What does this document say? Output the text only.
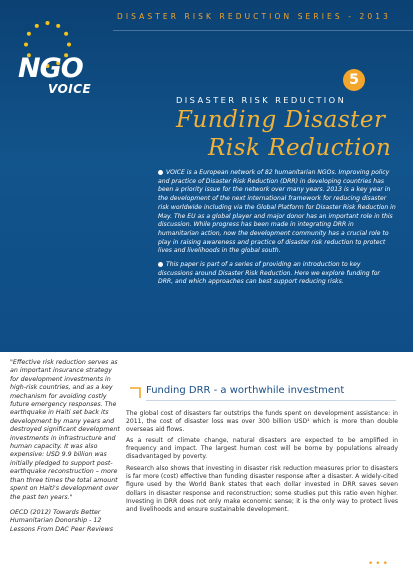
DISASTER RISK REDUCTION SERIES - 2013
NGO
VOICE
5
DISASTER RISK REDUCTION
Funding Disaster
Risk Reduction
VOICE is a European network of 82 humanitarian NGOs. Improving policy and practice of Disaster Risk Reduction (DRR) in developing countries has been a priority issue for the network over many years. 2013 is a key year in the development of the next international framework for reducing disaster risk worldwide including via the Global Platform for Disaster Risk Reduction in May. The EU as a global player and major donor has an important role in this discussion. While progress has been made in integrating DRR in humanitarian action, now the development community has a crucial role to play in raising awareness and practice of disaster risk reduction to protect lives and livelihoods in the global south.
This paper is part of a series of providing an introduction to key discussions around Disaster Risk Reduction. Here we explore funding for DRR, and which approaches can best support reducing risks.
"Effective risk reduction serves as an important insurance strategy for development investments in high-risk countries, and as a key mechanism for avoiding costly future emergency responses. The earthquake in Haiti set back its development by many years and destroyed significant development investments in infrastructure and human capacity. It was also expensive: USD 9.9 billion was initially pledged to support post-earthquake reconstruction – more than three times the total amount spent on Haiti's development over the past ten years."
OECD (2012) Towards Better Humanitarian Donorship - 12 Lessons From DAC Peer Reviews
Funding DRR - a worthwhile investment
The global cost of disasters far outstrips the funds spent on development assistance: in 2011, the cost of disaster loss was over 300 billion USD¹ which is more than double overseas aid flows.
As a result of climate change, natural disasters are expected to be amplified in frequency and impact. The largest human cost will be borne by populations already disadvantaged by poverty.
Research also shows that investing in disaster risk reduction measures prior to disasters is far more (cost) effective than funding disaster response after a disaster. A widely-cited figure used by the World Bank states that each dollar invested in DRR saves seven dollars in disaster response and reconstruction; some studies put this ratio even higher. Investing in DRR does not only make economic sense; it is the only way to protect lives and livelihoods and ensure sustainable development.
•••
